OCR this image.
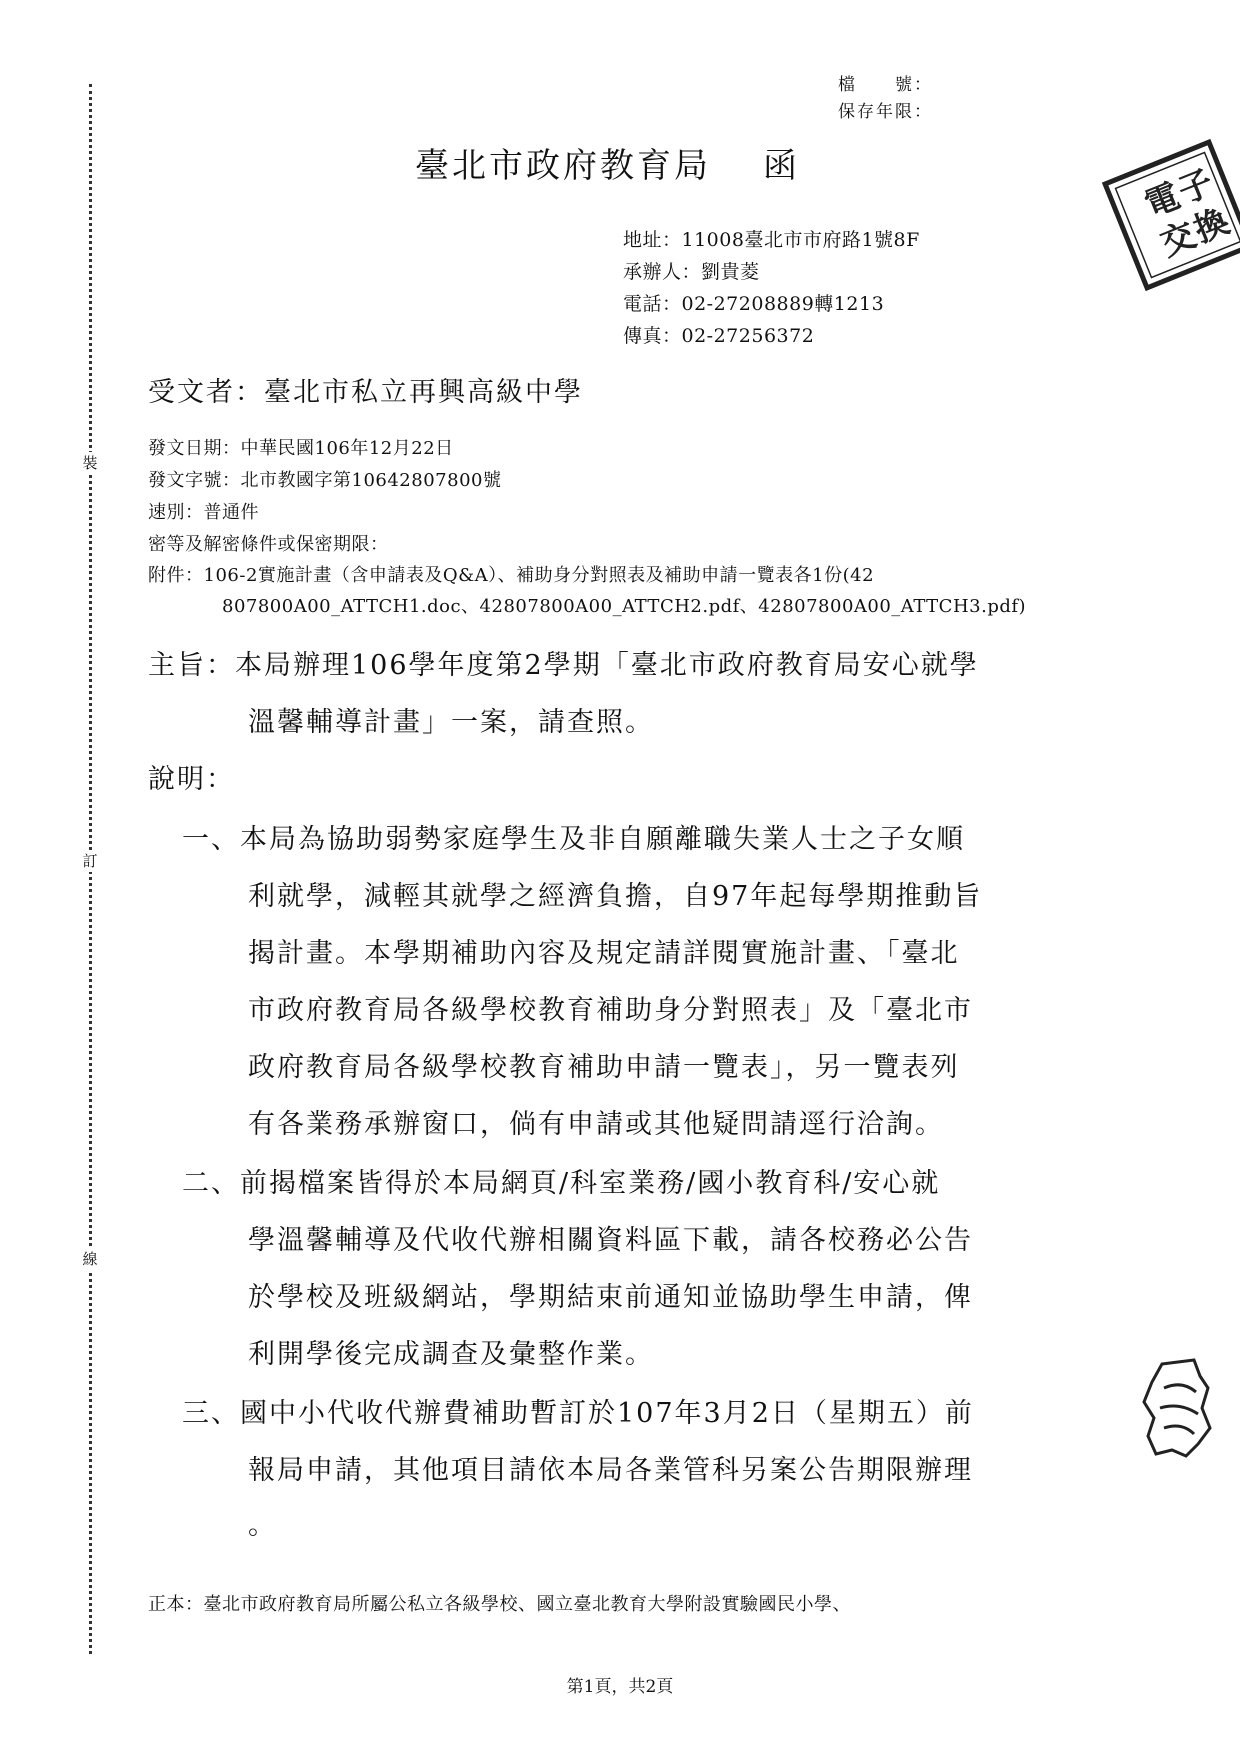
裝
訂
線
檔　　號：
保存年限：
臺北市政府教育局 函
電
子
交
換
地址：11008臺北市市府路1號8F
承辦人：劉貴菱
電話：02-27208889轉1213
傳真：02-27256372
受文者：臺北市私立再興高級中學
發文日期：中華民國106年12月22日
發文字號：北市教國字第10642807800號
速別：普通件
密等及解密條件或保密期限：
附件：106-2實施計畫（含申請表及Q&A）、補助身分對照表及補助申請一覽表各1份(42
807800A00_ATTCH1.doc、42807800A00_ATTCH2.pdf、42807800A00_ATTCH3.pdf)
主旨：本局辦理106學年度第2學期「臺北市政府教育局安心就學
溫馨輔導計畫」一案，請查照。
說明：
一、本局為協助弱勢家庭學生及非自願離職失業人士之子女順
利就學，減輕其就學之經濟負擔，自97年起每學期推動旨
揭計畫。本學期補助內容及規定請詳閱實施計畫、「臺北
市政府教育局各級學校教育補助身分對照表」及「臺北市
政府教育局各級學校教育補助申請一覽表」，另一覽表列
有各業務承辦窗口，倘有申請或其他疑問請逕行洽詢。
二、前揭檔案皆得於本局網頁/科室業務/國小教育科/安心就
學溫馨輔導及代收代辦相關資料區下載，請各校務必公告
於學校及班級網站，學期結束前通知並協助學生申請，俾
利開學後完成調查及彙整作業。
三、國中小代收代辦費補助暫訂於107年3月2日（星期五）前
報局申請，其他項目請依本局各業管科另案公告期限辦理
。
正本：臺北市政府教育局所屬公私立各級學校、國立臺北教育大學附設實驗國民小學、
第1頁，共2頁
